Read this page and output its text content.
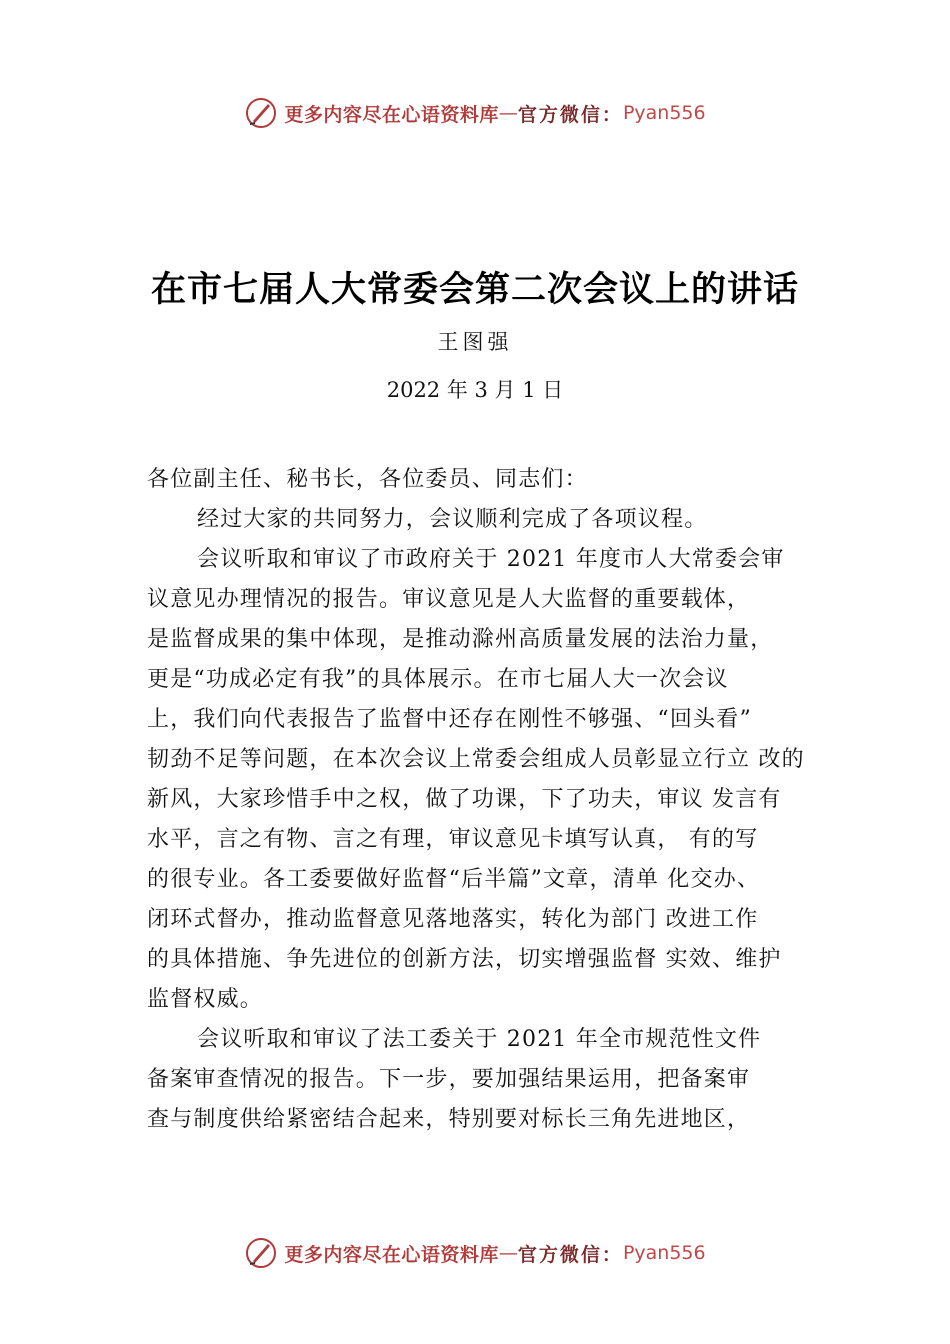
更多内容尽在心语资料库 — 官方微信： Pyan556
在市七届人大常委会第二次会议上的讲话
王图强
2022 年 3 月 1 日
各位副主任、秘书长，各位委员、同志们：
经过大家的共同努力，会议顺利完成了各项议程。
会议听取和审议了市政府关于 2021 年度市人大常委会审
议意见办理情况的报告。审议意见是人大监督的重要载体，
是监督成果的集中体现，是推动滁州高质量发展的法治力量，
更是“功成必定有我”的具体展示。在市七届人大一次会议
上，我们向代表报告了监督中还存在刚性不够强、“回头看”
韧劲不足等问题，在本次会议上常委会组成人员彰显立行立 改的
新风，大家珍惜手中之权，做了功课，下了功夫，审议 发言有
水平，言之有物、言之有理，审议意见卡填写认真， 有的写
的很专业。各工委要做好监督“后半篇”文章，清单 化交办、
闭环式督办，推动监督意见落地落实，转化为部门 改进工作
的具体措施、争先进位的创新方法，切实增强监督 实效、维护
监督权威。
会议听取和审议了法工委关于 2021 年全市规范性文件
备案审查情况的报告。下一步，要加强结果运用，把备案审
查与制度供给紧密结合起来，特别要对标长三角先进地区，
更多内容尽在心语资料库 — 官方微信： Pyan556
